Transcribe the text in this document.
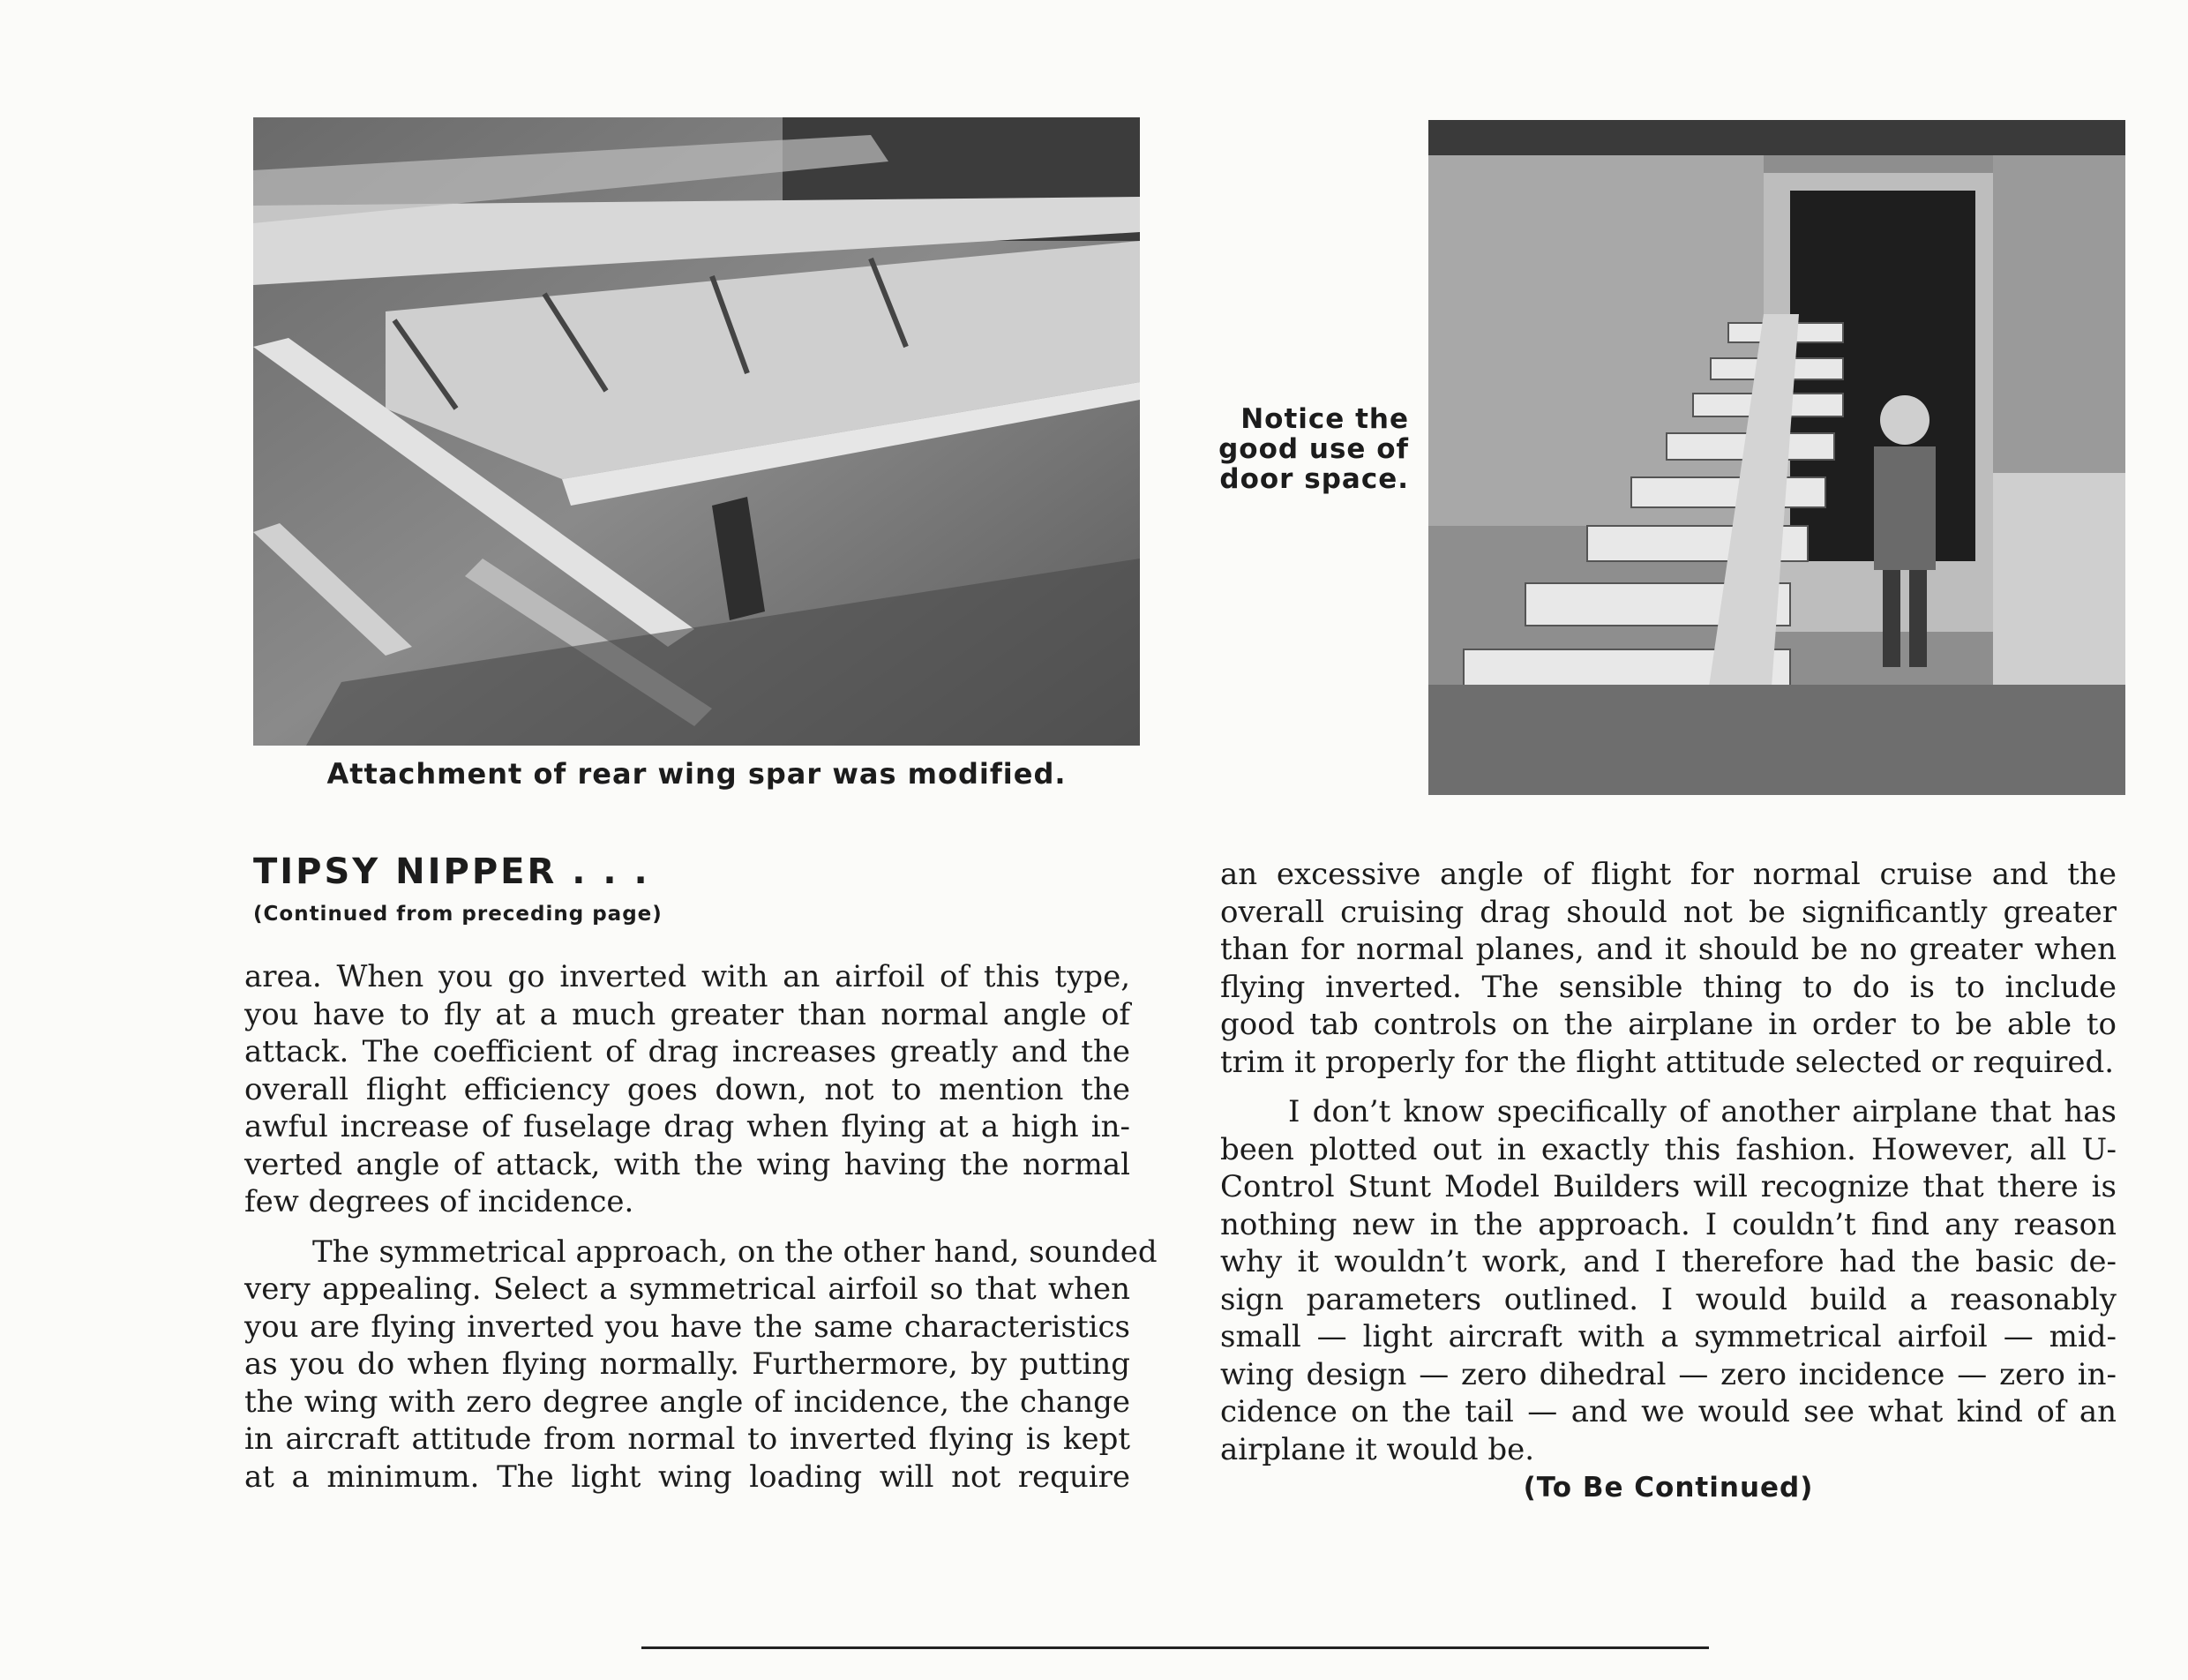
Attachment of rear wing spar was modified.
Notice the
good use of
door space.
TIPSY NIPPER . . .
(Continued from preceding page)
area. When you go inverted with an airfoil of this type,
you have to fly at a much greater than normal angle of
attack. The coefficient of drag increases greatly and the
overall flight efficiency goes down, not to mention the
awful increase of fuselage drag when flying at a high in-
verted angle of attack, with the wing having the normal
few degrees of incidence.
The symmetrical approach, on the other hand, sounded
very appealing. Select a symmetrical airfoil so that when
you are flying inverted you have the same characteristics
as you do when flying normally. Furthermore, by putting
the wing with zero degree angle of incidence, the change
in aircraft attitude from normal to inverted flying is kept
at a minimum. The light wing loading will not require
an excessive angle of flight for normal cruise and the
overall cruising drag should not be significantly greater
than for normal planes, and it should be no greater when
flying inverted. The sensible thing to do is to include
good tab controls on the airplane in order to be able to
trim it properly for the flight attitude selected or required.
I don’t know specifically of another airplane that has
been plotted out in exactly this fashion. However, all U-
Control Stunt Model Builders will recognize that there is
nothing new in the approach. I couldn’t find any reason
why it wouldn’t work, and I therefore had the basic de-
sign parameters outlined. I would build a reasonably
small — light aircraft with a symmetrical airfoil — mid-
wing design — zero dihedral — zero incidence — zero in-
cidence on the tail — and we would see what kind of an
airplane it would be.
(To Be Continued)
